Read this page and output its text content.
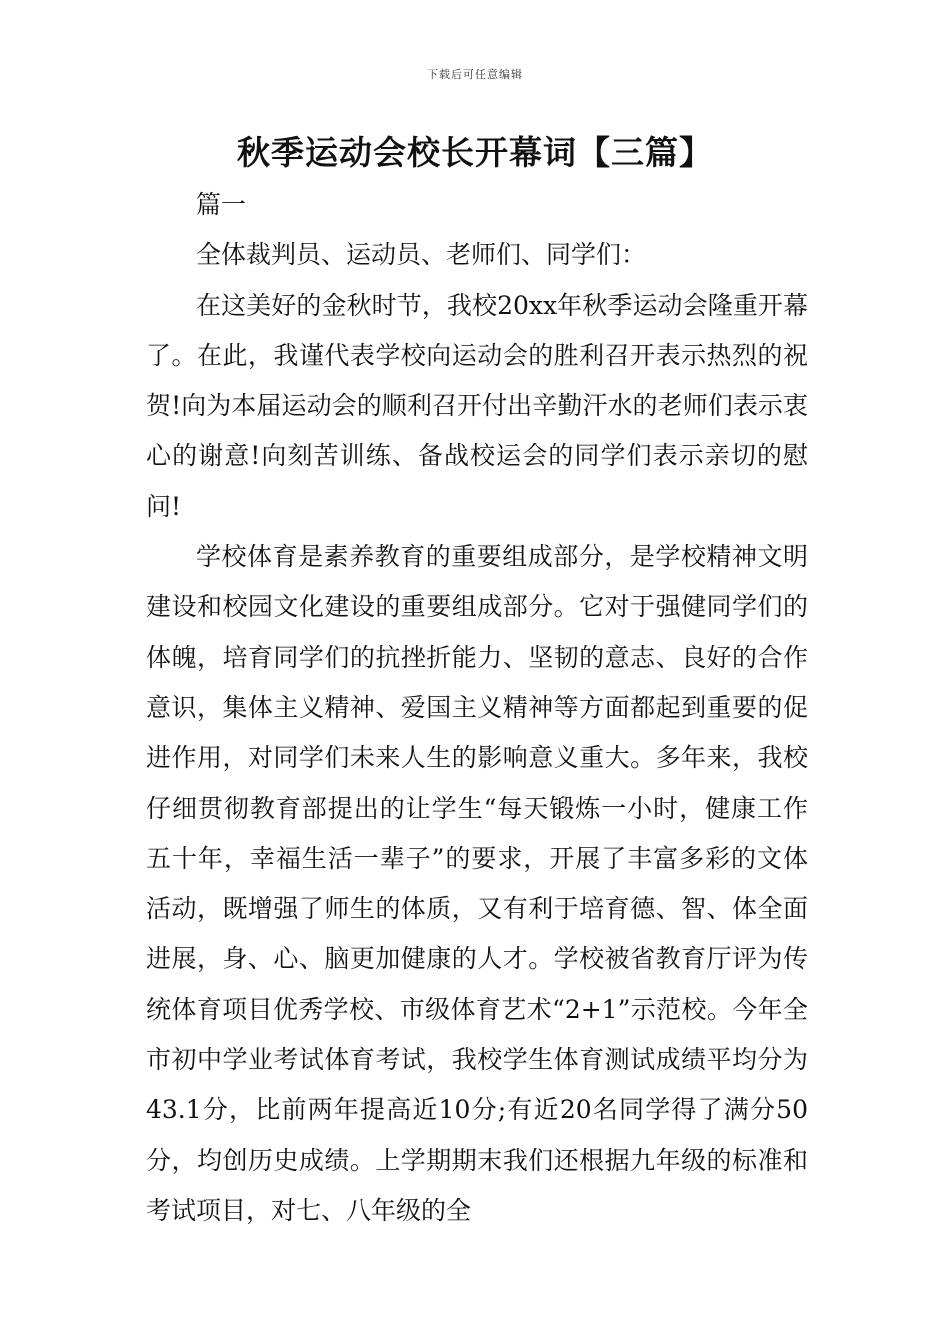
下载后可任意编辑
秋季运动会校长开幕词【三篇】

篇一

全体裁判员、运动员、老师们、同学们：

在这美好的金秋时节，我校20xx年秋季运动会隆重开幕了。在此，我谨代表学校向运动会的胜利召开表示热烈的祝贺!向为本届运动会的顺利召开付出辛勤汗水的老师们表示衷心的谢意!向刻苦训练、备战校运会的同学们表示亲切的慰问!

学校体育是素养教育的重要组成部分，是学校精神文明建设和校园文化建设的重要组成部分。它对于强健同学们的体魄，培育同学们的抗挫折能力、坚韧的意志、良好的合作意识，集体主义精神、爱国主义精神等方面都起到重要的促进作用，对同学们未来人生的影响意义重大。多年来，我校仔细贯彻教育部提出的让学生“每天锻炼一小时，健康工作五十年，幸福生活一辈子”的要求，开展了丰富多彩的文体活动，既增强了师生的体质，又有利于培育德、智、体全面进展，身、心、脑更加健康的人才。学校被省教育厅评为传统体育项目优秀学校、市级体育艺术“2+1”示范校。今年全市初中学业考试体育考试，我校学生体育测试成绩平均分为43.1分，比前两年提高近10分;有近20名同学得了满分50分，均创历史成绩。上学期期末我们还根据九年级的标准和考试项目，对七、八年级的全
